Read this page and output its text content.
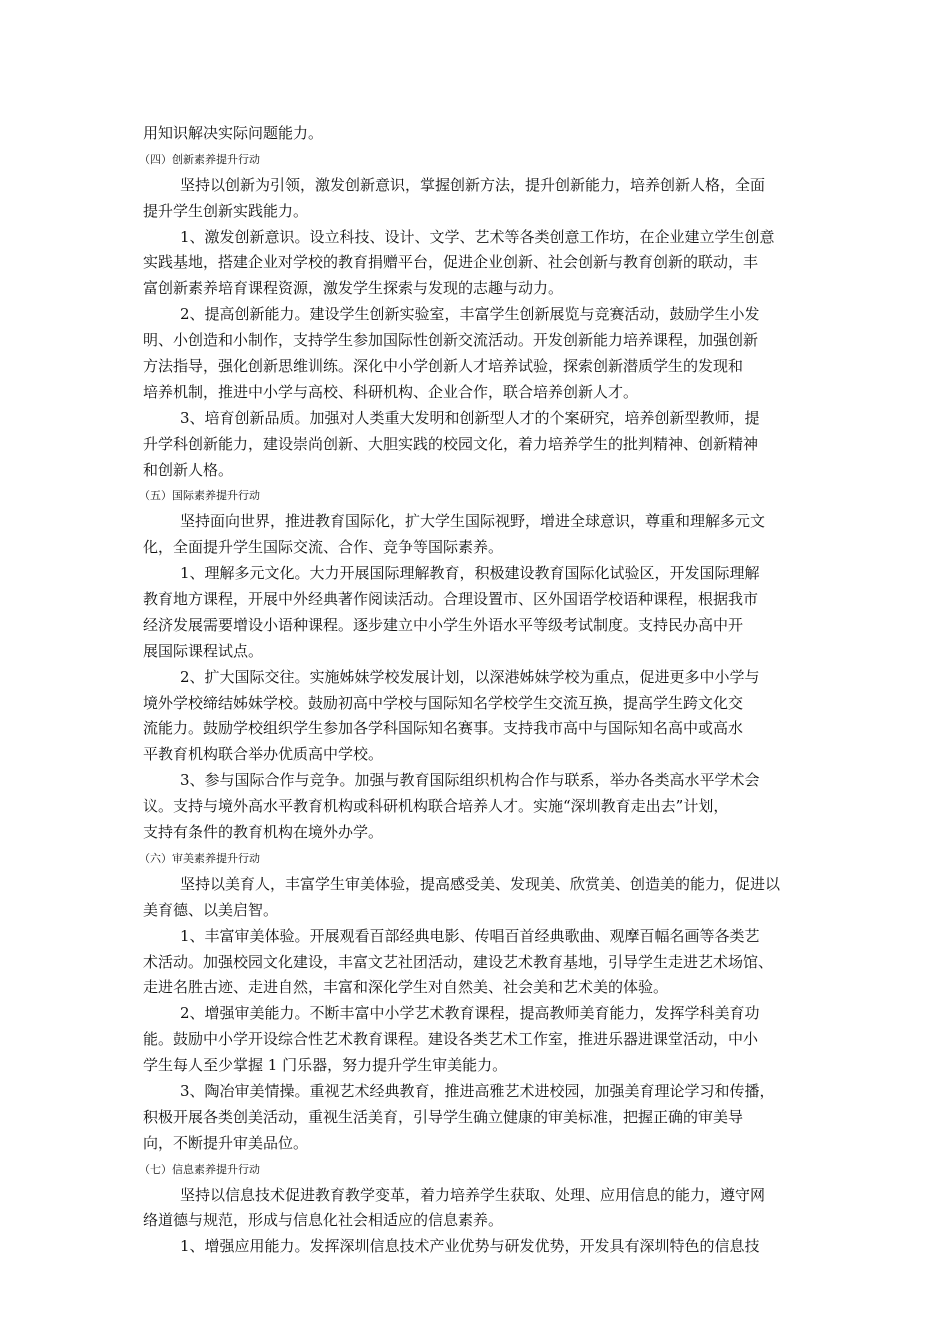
用知识解决实际问题能力。
（四）创新素养提升行动
坚持以创新为引领，激发创新意识，掌握创新方法，提升创新能力，培养创新人格，全面
提升学生创新实践能力。
1、激发创新意识。设立科技、设计、文学、艺术等各类创意工作坊，在企业建立学生创意
实践基地，搭建企业对学校的教育捐赠平台，促进企业创新、社会创新与教育创新的联动，丰
富创新素养培育课程资源，激发学生探索与发现的志趣与动力。
2、提高创新能力。建设学生创新实验室，丰富学生创新展览与竞赛活动，鼓励学生小发
明、小创造和小制作，支持学生参加国际性创新交流活动。开发创新能力培养课程，加强创新
方法指导，强化创新思维训练。深化中小学创新人才培养试验，探索创新潜质学生的发现和
培养机制，推进中小学与高校、科研机构、企业合作，联合培养创新人才。
3、培育创新品质。加强对人类重大发明和创新型人才的个案研究，培养创新型教师，提
升学科创新能力，建设崇尚创新、大胆实践的校园文化，着力培养学生的批判精神、创新精神
和创新人格。
（五）国际素养提升行动
坚持面向世界，推进教育国际化，扩大学生国际视野，增进全球意识，尊重和理解多元文
化，全面提升学生国际交流、合作、竞争等国际素养。
1、理解多元文化。大力开展国际理解教育，积极建设教育国际化试验区，开发国际理解
教育地方课程，开展中外经典著作阅读活动。合理设置市、区外国语学校语种课程，根据我市
经济发展需要增设小语种课程。逐步建立中小学生外语水平等级考试制度。支持民办高中开
展国际课程试点。
2、扩大国际交往。实施姊妹学校发展计划，以深港姊妹学校为重点，促进更多中小学与
境外学校缔结姊妹学校。鼓励初高中学校与国际知名学校学生交流互换，提高学生跨文化交
流能力。鼓励学校组织学生参加各学科国际知名赛事。支持我市高中与国际知名高中或高水
平教育机构联合举办优质高中学校。
3、参与国际合作与竞争。加强与教育国际组织机构合作与联系，举办各类高水平学术会
议。支持与境外高水平教育机构或科研机构联合培养人才。实施“深圳教育走出去”计划，
支持有条件的教育机构在境外办学。
（六）审美素养提升行动
坚持以美育人，丰富学生审美体验，提高感受美、发现美、欣赏美、创造美的能力，促进以
美育德、以美启智。
1、丰富审美体验。开展观看百部经典电影、传唱百首经典歌曲、观摩百幅名画等各类艺
术活动。加强校园文化建设，丰富文艺社团活动，建设艺术教育基地，引导学生走进艺术场馆、
走进名胜古迹、走进自然，丰富和深化学生对自然美、社会美和艺术美的体验。
2、增强审美能力。不断丰富中小学艺术教育课程，提高教师美育能力，发挥学科美育功
能。鼓励中小学开设综合性艺术教育课程。建设各类艺术工作室，推进乐器进课堂活动，中小
学生每人至少掌握 1 门乐器，努力提升学生审美能力。
3、陶冶审美情操。重视艺术经典教育，推进高雅艺术进校园，加强美育理论学习和传播，
积极开展各类创美活动，重视生活美育，引导学生确立健康的审美标准，把握正确的审美导
向，不断提升审美品位。
（七）信息素养提升行动
坚持以信息技术促进教育教学变革，着力培养学生获取、处理、应用信息的能力，遵守网
络道德与规范，形成与信息化社会相适应的信息素养。
1、增强应用能力。发挥深圳信息技术产业优势与研发优势，开发具有深圳特色的信息技
